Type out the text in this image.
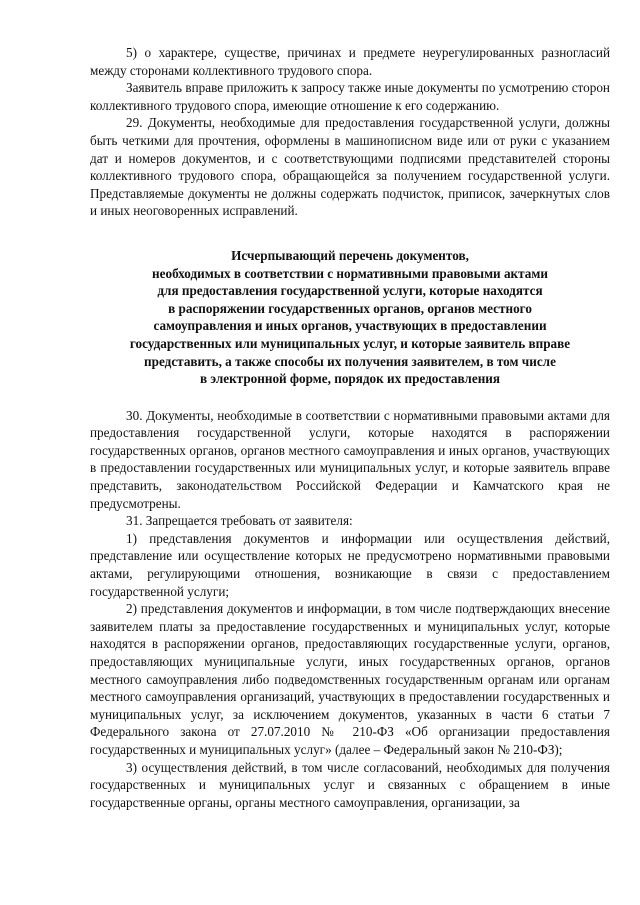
5) о характере, существе, причинах и предмете неурегулированных разногласий между сторонами коллективного трудового спора.

Заявитель вправе приложить к запросу также иные документы по усмотрению сторон коллективного трудового спора, имеющие отношение к его содержанию.

29. Документы, необходимые для предоставления государственной услуги, должны быть четкими для прочтения, оформлены в машинописном виде или от руки с указанием дат и номеров документов, и с соответствующими подписями представителей стороны коллективного трудового спора, обращающейся за получением государственной услуги. Представляемые документы не должны содержать подчисток, приписок, зачеркнутых слов и иных неоговоренных исправлений.

Исчерпывающий перечень документов,
необходимых в соответствии с нормативными правовыми актами
для предоставления государственной услуги, которые находятся
в распоряжении государственных органов, органов местного
самоуправления и иных органов, участвующих в предоставлении
государственных или муниципальных услуг, и которые заявитель вправе
представить, а также способы их получения заявителем, в том числе
в электронной форме, порядок их предоставления

30. Документы, необходимые в соответствии с нормативными правовыми актами для предоставления государственной услуги, которые находятся в распоряжении государственных органов, органов местного самоуправления и иных органов, участвующих в предоставлении государственных или муниципальных услуг, и которые заявитель вправе представить, законодательством Российской Федерации и Камчатского края не предусмотрены.

31. Запрещается требовать от заявителя:

1) представления документов и информации или осуществления действий, представление или осуществление которых не предусмотрено нормативными правовыми актами, регулирующими отношения, возникающие в связи с предоставлением государственной услуги;

2) представления документов и информации, в том числе подтверждающих внесение заявителем платы за предоставление государственных и муниципальных услуг, которые находятся в распоряжении органов, предоставляющих государственные услуги, органов, предоставляющих муниципальные услуги, иных государственных органов, органов местного самоуправления либо подведомственных государственным органам или органам местного самоуправления организаций, участвующих в предоставлении государственных и муниципальных услуг, за исключением документов, указанных в части 6 статьи 7 Федерального закона от 27.07.2010 № 210-ФЗ «Об организации предоставления государственных и муниципальных услуг» (далее – Федеральный закон № 210-ФЗ);

3) осуществления действий, в том числе согласований, необходимых для получения государственных и муниципальных услуг и связанных с обращением в иные государственные органы, органы местного самоуправления, организации, за
